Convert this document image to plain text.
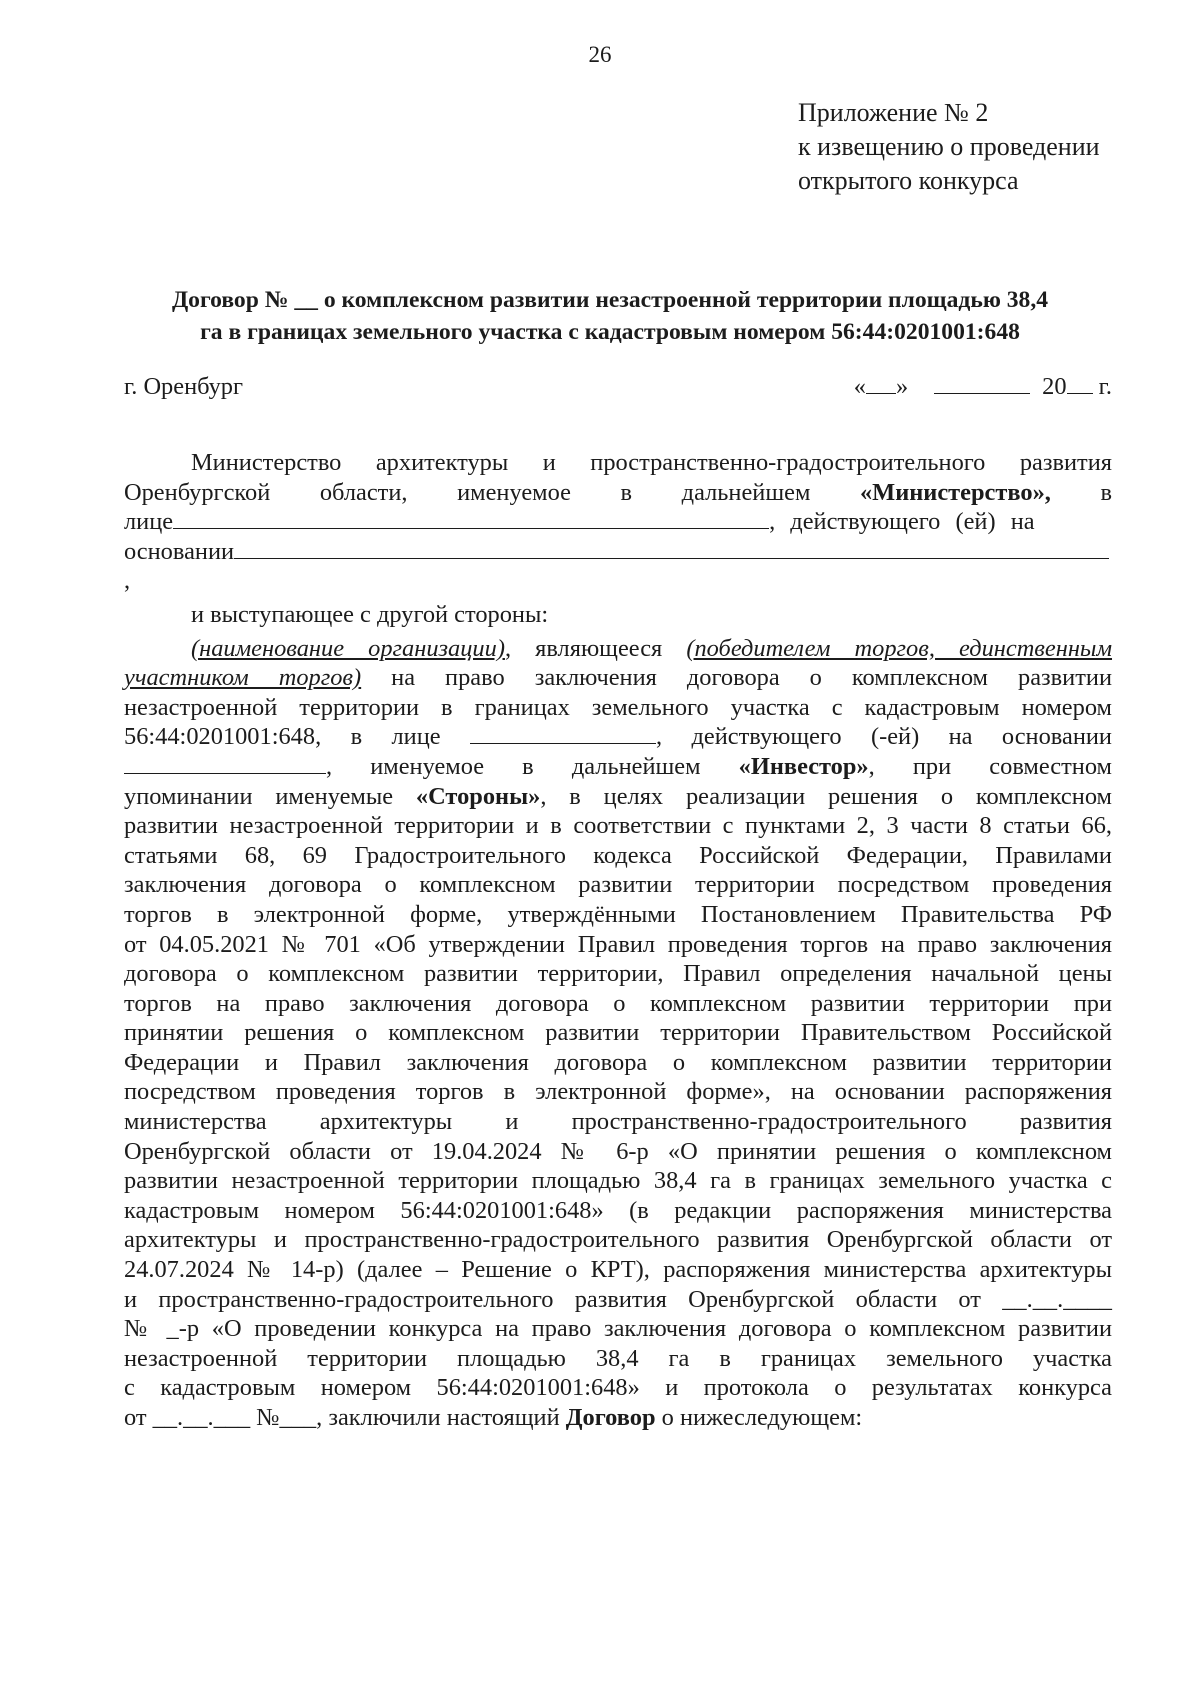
26
Приложение № 2
к извещению о проведении
открытого конкурса
Договор № __ о комплексном развитии незастроенной территории площадью 38,4
га в границах земельного участка с кадастровым номером 56:44:0201001:648
г. Оренбург	« »	20 г.

Министерство архитектуры и пространственно-градостроительного развития

Оренбургской области, именуемое в дальнейшем «Министерство», в

лице	, действующего (ей) на

основании

,

и выступающее с другой стороны:

(наименование организации), являющееся (победителем торгов, единственным

участником торгов) на право заключения договора о комплексном развитии

незастроенной территории в границах земельного участка с кадастровым номером

56:44:0201001:648, в лице	, действующего (-ей) на основании

, именуемое в дальнейшем «Инвестор», при совместном

упоминании именуемые «Стороны», в целях реализации решения о комплексном

развитии незастроенной территории и в соответствии с пунктами 2, 3 части 8 статьи 66,

статьями 68, 69 Градостроительного кодекса Российской Федерации, Правилами

заключения договора о комплексном развитии территории посредством проведения

торгов в электронной форме, утверждёнными Постановлением Правительства РФ

от 04.05.2021 № 701 «Об утверждении Правил проведения торгов на право заключения

договора о комплексном развитии территории, Правил определения начальной цены

торгов на право заключения договора о комплексном развитии территории при

принятии решения о комплексном развитии территории Правительством Российской

Федерации и Правил заключения договора о комплексном развитии территории

посредством проведения торгов в электронной форме», на основании распоряжения

министерства архитектуры и пространственно-градостроительного развития

Оренбургской области от 19.04.2024 № 6-р «О принятии решения о комплексном

развитии незастроенной территории площадью 38,4 га в границах земельного участка с

кадастровым номером 56:44:0201001:648» (в редакции распоряжения министерства

архитектуры и пространственно-градостроительного развития Оренбургской области от

24.07.2024 № 14-р) (далее – Решение о КРТ), распоряжения министерства архитектуры

и пространственно-градостроительного развития Оренбургской области от __.__.____

№ _-р «О проведении конкурса на право заключения договора о комплексном развитии

незастроенной территории площадью 38,4 га в границах земельного участка

с кадастровым номером 56:44:0201001:648» и протокола о результатах конкурса

от __.__.___ №___, заключили настоящий Договор о нижеследующем:
